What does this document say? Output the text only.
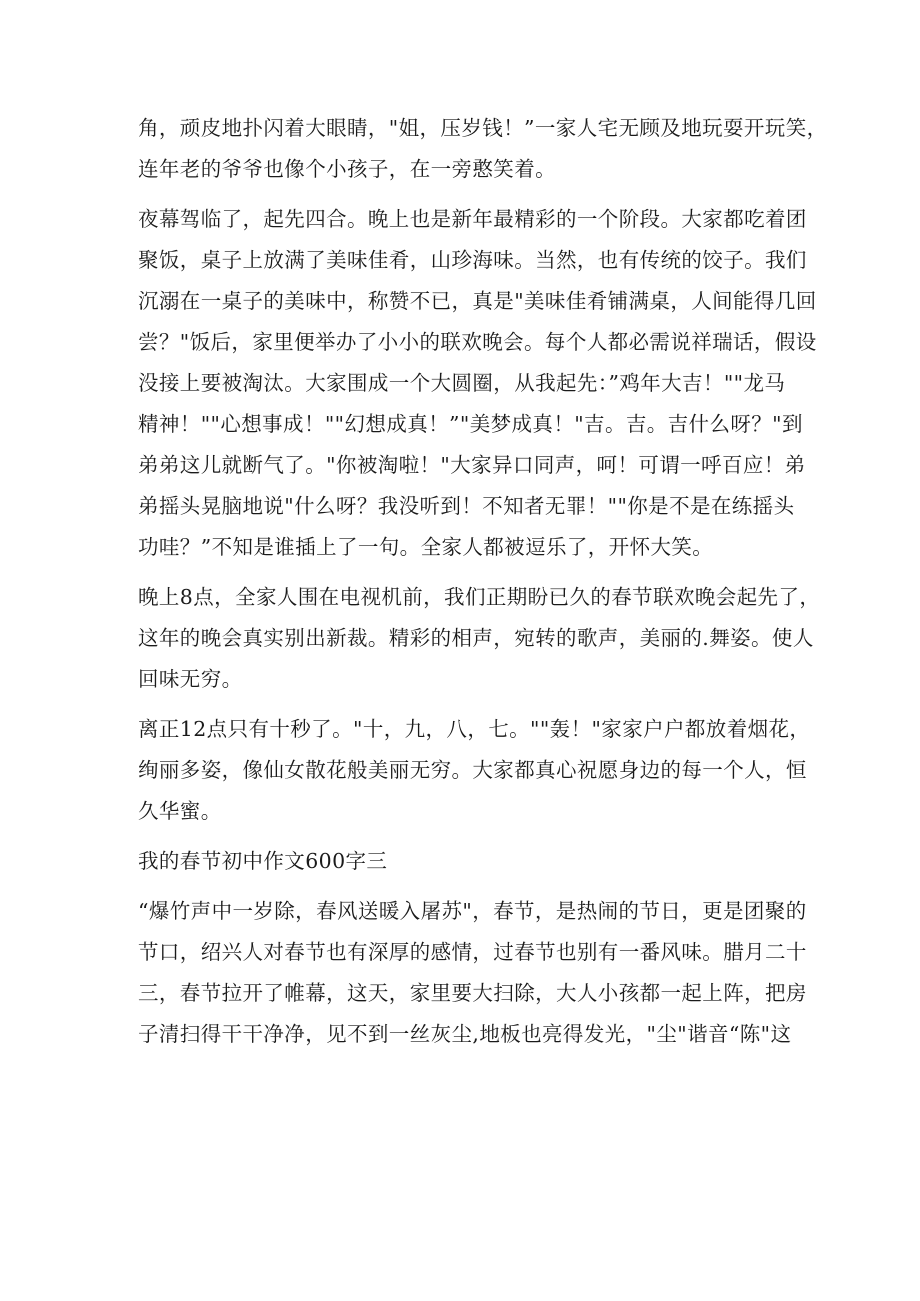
角，顽皮地扑闪着大眼睛，"姐，压岁钱！”一家人宅无顾及地玩耍开玩笑，
连年老的爷爷也像个小孩子，在一旁憨笑着。
夜幕驾临了，起先四合。晚上也是新年最精彩的一个阶段。大家都吃着团
聚饭，桌子上放满了美味佳肴，山珍海味。当然，也有传统的饺子。我们
沉溺在一桌子的美味中，称赞不已，真是"美味佳肴铺满桌，人间能得几回
尝？"饭后，家里便举办了小小的联欢晚会。每个人都必需说祥瑞话，假设
没接上要被淘汰。大家围成一个大圆圈，从我起先：”鸡年大吉！""龙马
精神！""心想事成！""幻想成真！”"美梦成真！"吉。吉。吉什么呀？"到
弟弟这儿就断气了。"你被淘啦！"大家异口同声，呵！可谓一呼百应！弟
弟摇头晃脑地说"什么呀？我没听到！不知者无罪！""你是不是在练摇头
功哇？”不知是谁插上了一句。全家人都被逗乐了，开怀大笑。
晚上8点，全家人围在电视机前，我们正期盼已久的春节联欢晚会起先了，
这年的晚会真实别出新裁。精彩的相声，宛转的歌声，美丽的.舞姿。使人
回味无穷。
离正12点只有十秒了。"十，九，八，七。""轰！"家家户户都放着烟花，
绚丽多姿，像仙女散花般美丽无穷。大家都真心祝愿身边的每一个人，恒
久华蜜。
我的春节初中作文600字三
“爆竹声中一岁除，春风送暖入屠苏"，春节，是热闹的节日，更是团聚的
节口，绍兴人对春节也有深厚的感情，过春节也别有一番风味。腊月二十
三，春节拉开了帷幕，这天，家里要大扫除，大人小孩都一起上阵，把房
子清扫得干干净净，见不到一丝灰尘,地板也亮得发光，"尘"谐音“陈"这
